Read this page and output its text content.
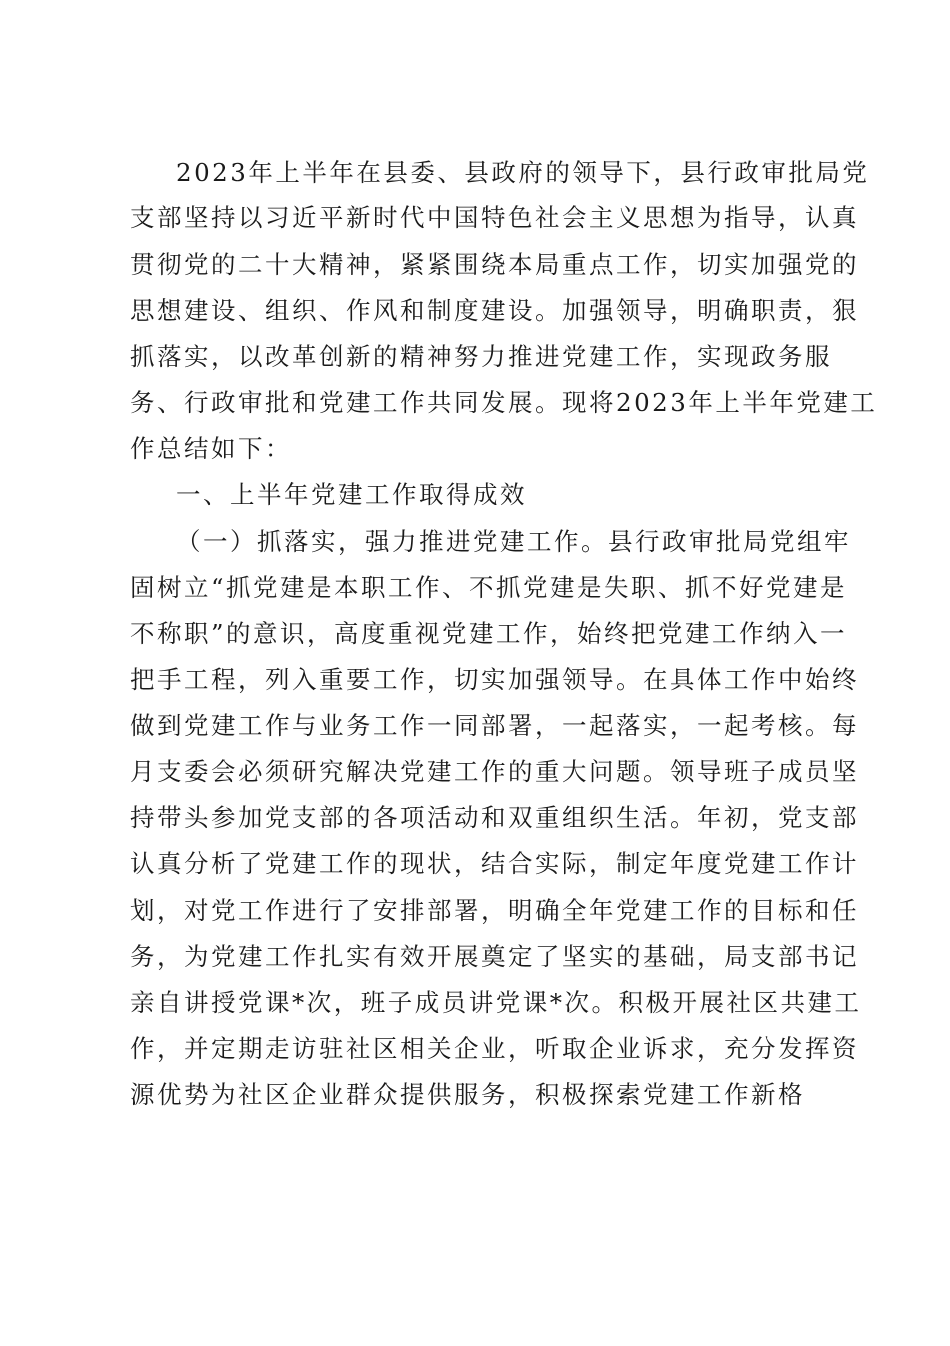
2023年上半年在县委、县政府的领导下，县行政审批局党
支部坚持以习近平新时代中国特色社会主义思想为指导，认真
贯彻党的二十大精神，紧紧围绕本局重点工作，切实加强党的
思想建设、组织、作风和制度建设。加强领导，明确职责，狠
抓落实，以改革创新的精神努力推进党建工作，实现政务服
务、行政审批和党建工作共同发展。现将2023年上半年党建工
作总结如下：
一、上半年党建工作取得成效
（一）抓落实，强力推进党建工作。县行政审批局党组牢
固树立“抓党建是本职工作、不抓党建是失职、抓不好党建是
不称职”的意识，高度重视党建工作，始终把党建工作纳入一
把手工程，列入重要工作，切实加强领导。在具体工作中始终
做到党建工作与业务工作一同部署，一起落实，一起考核。每
月支委会必须研究解决党建工作的重大问题。领导班子成员坚
持带头参加党支部的各项活动和双重组织生活。年初，党支部
认真分析了党建工作的现状，结合实际，制定年度党建工作计
划，对党工作进行了安排部署，明确全年党建工作的目标和任
务，为党建工作扎实有效开展奠定了坚实的基础，局支部书记
亲自讲授党课*次，班子成员讲党课*次。积极开展社区共建工
作，并定期走访驻社区相关企业，听取企业诉求，充分发挥资
源优势为社区企业群众提供服务，积极探索党建工作新格
